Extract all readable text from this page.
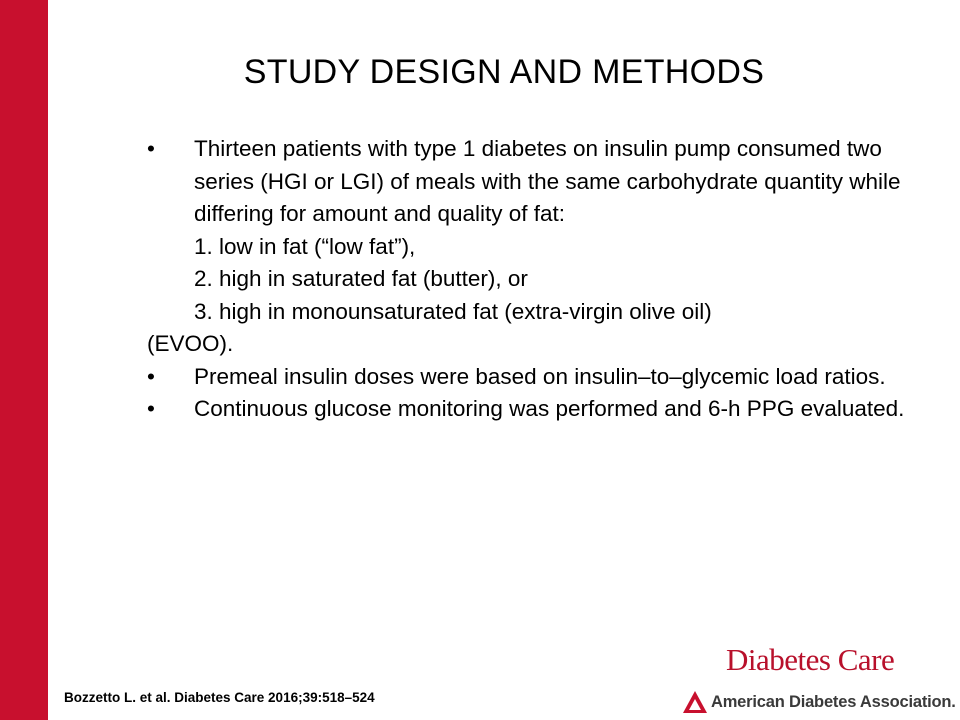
STUDY DESIGN AND METHODS
• Thirteen patients with type 1 diabetes on insulin pump consumed two series (HGI or LGI) of meals with the same carbohydrate quantity while differing for amount and quality of fat:
1. low in fat (“low fat”),
2. high in saturated fat (butter), or
3. high in monounsaturated fat (extra-virgin olive oil)
(EVOO).
• Premeal insulin doses were based on insulin–to–glycemic load ratios.
• Continuous glucose monitoring was performed and 6-h PPG evaluated.
Bozzetto L. et al. Diabetes Care 2016;39:518–524
Diabetes Care
American Diabetes Association.
